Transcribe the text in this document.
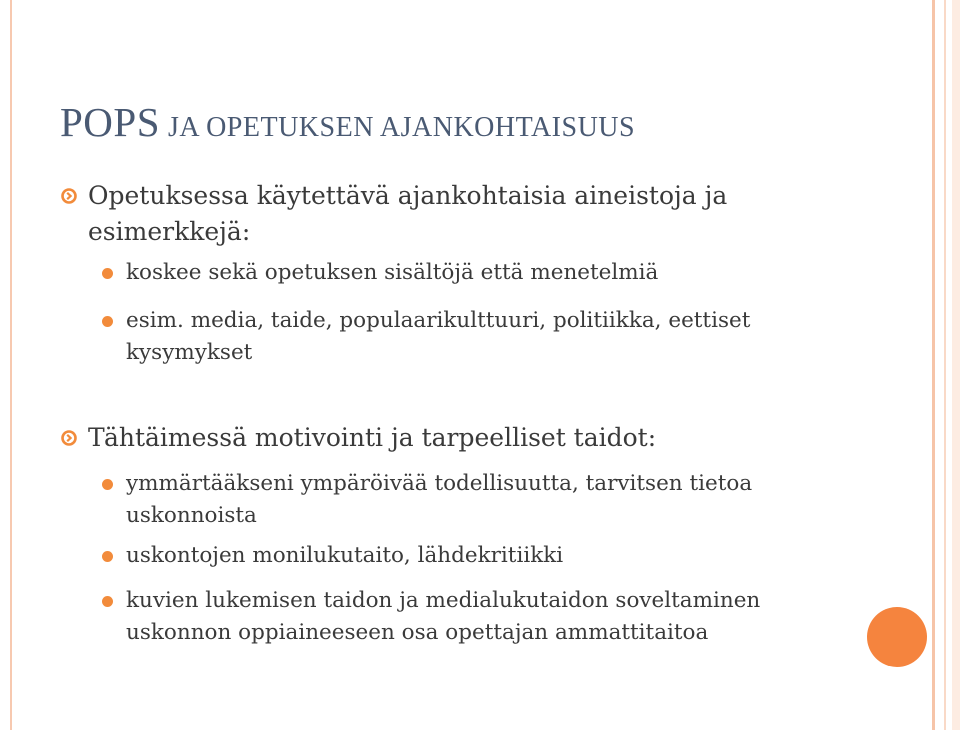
POPS JA OPETUKSEN AJANKOHTAISUUS
Opetuksessa käytettävä ajankohtaisia aineistoja ja esimerkkejä:
koskee sekä opetuksen sisältöjä että menetelmiä
esim. media, taide, populaarikulttuuri, politiikka, eettiset kysymykset
Tähtäimessä motivointi ja tarpeelliset taidot:
ymmärtääkseni ympäröivää todellisuutta, tarvitsen tietoa uskonnoista
uskontojen monilukutaito, lähdekritiikki
kuvien lukemisen taidon ja medialukutaidon soveltaminen uskonnon oppiaineeseen osa opettajan ammattitaitoa
